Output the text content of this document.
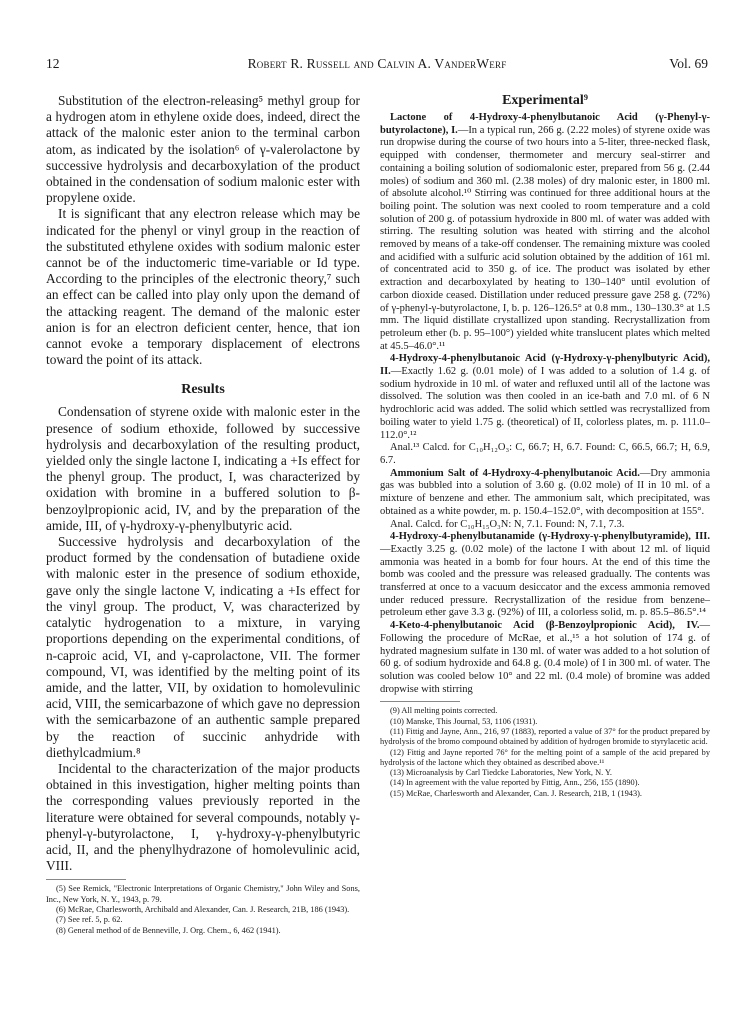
12	Robert R. Russell and Calvin A. VanderWerf	Vol. 69

Substitution of the electron-releasing⁵ methyl group for a hydrogen atom in ethylene oxide does, indeed, direct the attack of the malonic ester anion to the terminal carbon atom, as indicated by the isolation⁶ of γ-valerolactone by successive hydrolysis and decarboxylation of the product obtained in the condensation of sodium malonic ester with propylene oxide.

It is significant that any electron release which may be indicated for the phenyl or vinyl group in the reaction of the substituted ethylene oxides with sodium malonic ester cannot be of the inductomeric time-variable or Id type. According to the principles of the electronic theory,⁷ such an effect can be called into play only upon the demand of the attacking reagent. The demand of the malonic ester anion is for an electron deficient center, hence, that ion cannot evoke a temporary displacement of electrons toward the point of its attack.

Results

Condensation of styrene oxide with malonic ester in the presence of sodium ethoxide, followed by successive hydrolysis and decarboxylation of the resulting product, yielded only the single lactone I, indicating a +Is effect for the phenyl group. The product, I, was characterized by oxidation with bromine in a buffered solution to β-benzoylpropionic acid, IV, and by the preparation of the amide, III, of γ-hydroxy-γ-phenylbutyric acid.

Successive hydrolysis and decarboxylation of the product formed by the condensation of butadiene oxide with malonic ester in the presence of sodium ethoxide, gave only the single lactone V, indicating a +Is effect for the vinyl group. The product, V, was characterized by catalytic hydrogenation to a mixture, in varying proportions depending on the experimental conditions, of n-caproic acid, VI, and γ-caprolactone, VII. The former compound, VI, was identified by the melting point of its amide, and the latter, VII, by oxidation to homolevulinic acid, VIII, the semicarbazone of which gave no depression with the semicarbazone of an authentic sample prepared by the reaction of succinic anhydride with diethylcadmium.⁸

Incidental to the characterization of the major products obtained in this investigation, higher melting points than the corresponding values previously reported in the literature were obtained for several compounds, notably γ-phenyl-γ-butyrolactone, I, γ-hydroxy-γ-phenylbutyric acid, II, and the phenylhydrazone of homolevulinic acid, VIII.

(5) See Remick, "Electronic Interpretations of Organic Chemistry," John Wiley and Sons, Inc., New York, N. Y., 1943, p. 79.

(6) McRae, Charlesworth, Archibald and Alexander, Can. J. Research, 21B, 186 (1943).

(7) See ref. 5, p. 62.

(8) General method of de Benneville, J. Org. Chem., 6, 462 (1941).

Experimental⁹

Lactone of 4-Hydroxy-4-phenylbutanoic Acid (γ-Phenyl-γ-butyrolactone), I.—In a typical run, 266 g. (2.22 moles) of styrene oxide was run dropwise during the course of two hours into a 5-liter, three-necked flask, equipped with condenser, thermometer and mercury seal-stirrer and containing a boiling solution of sodiomalonic ester, prepared from 56 g. (2.44 moles) of sodium and 360 ml. (2.38 moles) of dry malonic ester, in 1800 ml. of absolute alcohol.¹⁰ Stirring was continued for three additional hours at the boiling point. The solution was next cooled to room temperature and a cold solution of 200 g. of potassium hydroxide in 800 ml. of water was added with stirring. The resulting solution was heated with stirring and the alcohol removed by means of a take-off condenser. The remaining mixture was cooled and acidified with a sulfuric acid solution obtained by the addition of 161 ml. of concentrated acid to 350 g. of ice. The product was isolated by ether extraction and decarboxylated by heating to 130–140° until evolution of carbon dioxide ceased. Distillation under reduced pressure gave 258 g. (72%) of γ-phenyl-γ-butyrolactone, I, b. p. 126–126.5° at 0.8 mm., 130–130.3° at 1.5 mm. The liquid distillate crystallized upon standing. Recrystallization from petroleum ether (b. p. 95–100°) yielded white translucent plates which melted at 45.5–46.0°.¹¹

4-Hydroxy-4-phenylbutanoic Acid (γ-Hydroxy-γ-phenylbutyric Acid), II.—Exactly 1.62 g. (0.01 mole) of I was added to a solution of 1.4 g. of sodium hydroxide in 10 ml. of water and refluxed until all of the lactone was dissolved. The solution was then cooled in an ice-bath and 7.0 ml. of 6 N hydrochloric acid was added. The solid which settled was recrystallized from boiling water to yield 1.75 g. (theoretical) of II, colorless plates, m. p. 111.0–112.0°.¹²

Anal.¹³ Calcd. for C₁₀H₁₂O₃: C, 66.7; H, 6.7. Found: C, 66.5, 66.7; H, 6.9, 6.7.

Ammonium Salt of 4-Hydroxy-4-phenylbutanoic Acid.—Dry ammonia gas was bubbled into a solution of 3.60 g. (0.02 mole) of II in 10 ml. of a mixture of benzene and ether. The ammonium salt, which precipitated, was obtained as a white powder, m. p. 150.4–152.0°, with decomposition at 155°.

Anal. Calcd. for C₁₀H₁₅O₃N: N, 7.1. Found: N, 7.1, 7.3.

4-Hydroxy-4-phenylbutanamide (γ-Hydroxy-γ-phenylbutyramide), III.—Exactly 3.25 g. (0.02 mole) of the lactone I with about 12 ml. of liquid ammonia was heated in a bomb for four hours. At the end of this time the bomb was cooled and the pressure was released gradually. The contents was transferred at once to a vacuum desiccator and the excess ammonia removed under reduced pressure. Recrystallization of the residue from benzene–petroleum ether gave 3.3 g. (92%) of III, a colorless solid, m. p. 85.5–86.5°.¹⁴

4-Keto-4-phenylbutanoic Acid (β-Benzoylpropionic Acid), IV.—Following the procedure of McRae, et al.,¹⁵ a hot solution of 174 g. of hydrated magnesium sulfate in 130 ml. of water was added to a hot solution of 60 g. of sodium hydroxide and 64.8 g. (0.4 mole) of I in 300 ml. of water. The solution was cooled below 10° and 22 ml. (0.4 mole) of bromine was added dropwise with stirring

(9) All melting points corrected.

(10) Manske, This Journal, 53, 1106 (1931).

(11) Fittig and Jayne, Ann., 216, 97 (1883), reported a value of 37° for the product prepared by hydrolysis of the bromo compound obtained by addition of hydrogen bromide to styrylacetic acid.

(12) Fittig and Jayne reported 76° for the melting point of a sample of the acid prepared by hydrolysis of the lactone which they obtained as described above.¹¹

(13) Microanalysis by Carl Tiedcke Laboratories, New York, N. Y.

(14) In agreement with the value reported by Fittig, Ann., 256, 155 (1890).

(15) McRae, Charlesworth and Alexander, Can. J. Research, 21B, 1 (1943).
